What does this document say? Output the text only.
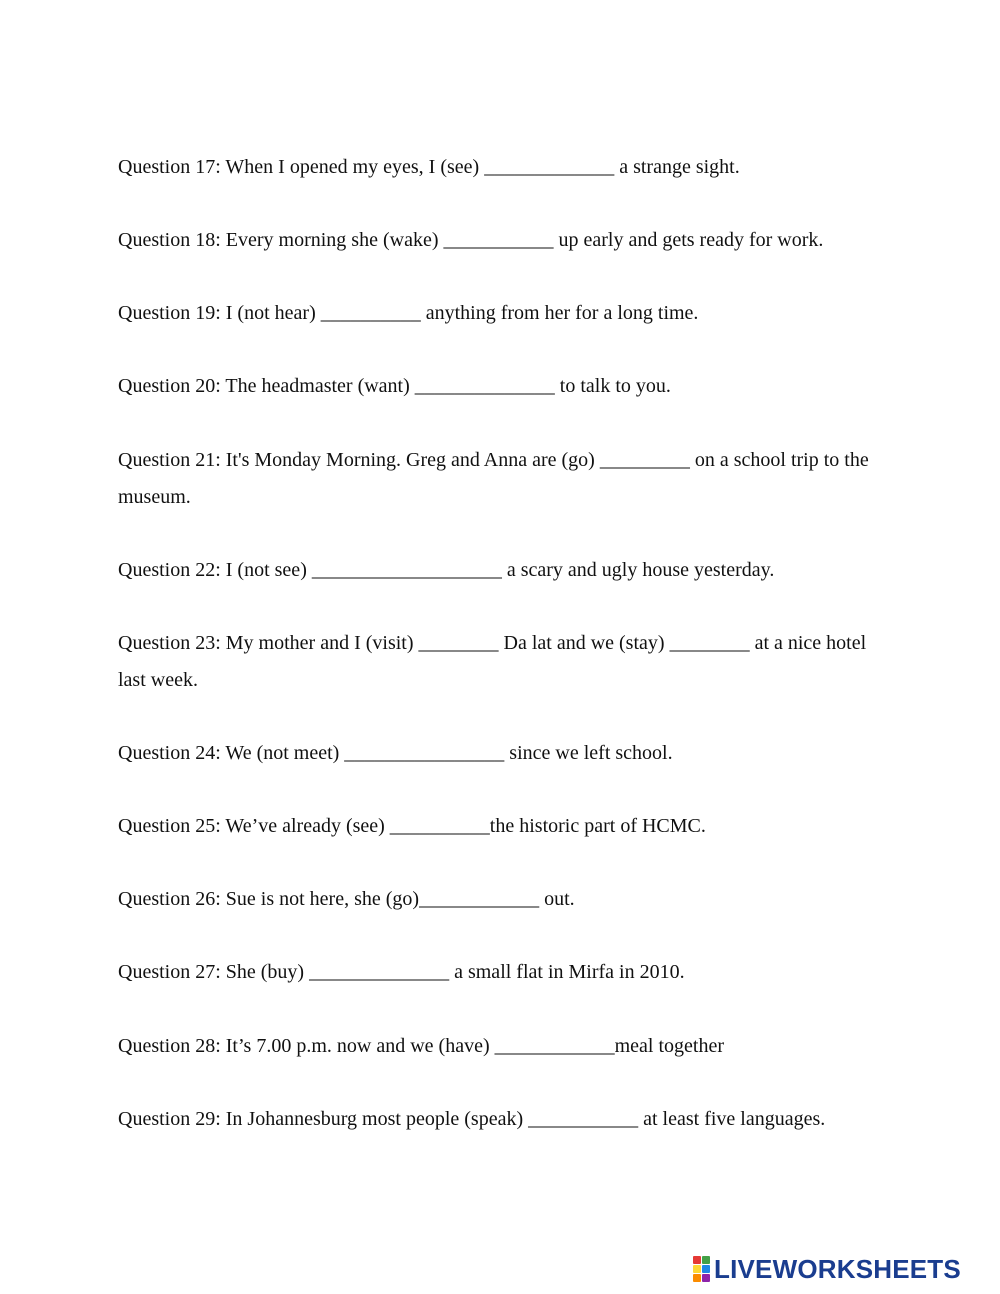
Question 17: When I opened my eyes, I (see) _____________ a strange sight.
Question 18: Every morning she (wake) ___________ up early and gets ready for work.
Question 19: I (not hear) __________ anything from her for a long time.
Question 20: The headmaster (want) ______________ to talk to you.
Question 21: It's Monday Morning. Greg and Anna are (go) _________ on a school trip to the museum.
Question 22: I (not see) ___________________ a scary and ugly house yesterday.
Question 23: My mother and I (visit) ________ Da lat and we (stay) ________ at a nice hotel last week.
Question 24: We (not meet) ________________ since we left school.
Question 25: We’ve already (see) __________the historic part of HCMC.
Question 26: Sue is not here, she (go)____________ out.
Question 27: She (buy) ______________ a small flat in Mirfa in 2010.
Question 28: It’s 7.00 p.m. now and we (have) ____________meal together
Question 29: In Johannesburg most people (speak) ___________ at least five languages.
LIVEWORKSHEETS
